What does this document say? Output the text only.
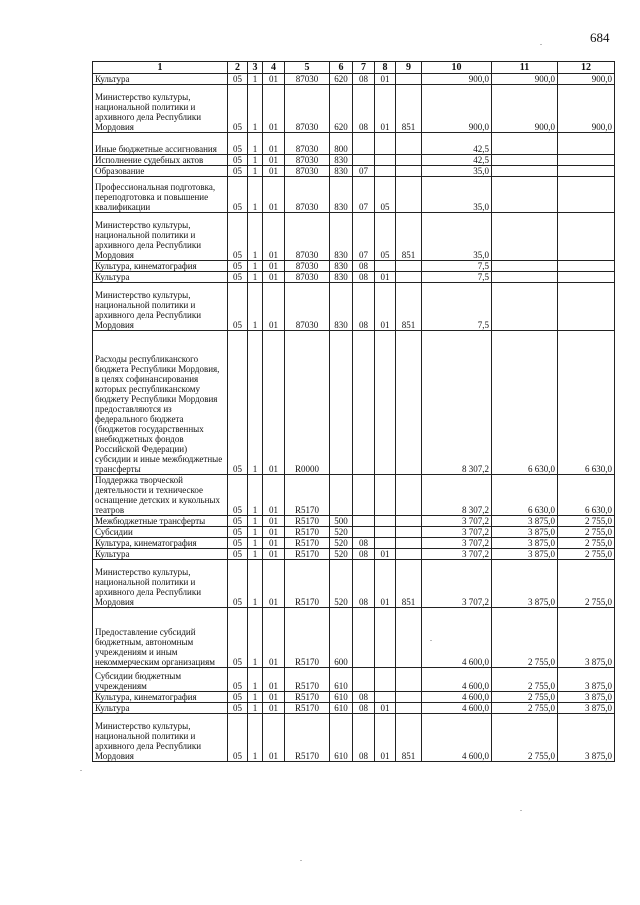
684
1	2	3	4	5	6	7	8	9	10	11	12
Культура	05	1	01	87030	620	08	01		900,0	900,0	900,0
Министерство культуры, национальной политики и архивного дела Республики Мордовия	05	1	01	87030	620	08	01	851	900,0	900,0	900,0
Иные бюджетные ассигнования	05	1	01	87030	800				42,5		
Исполнение судебных актов	05	1	01	87030	830				42,5		
Образование	05	1	01	87030	830	07			35,0		
Профессиональная подготовка, переподготовка и повышение квалификации	05	1	01	87030	830	07	05		35,0		
Министерство культуры, национальной политики и архивного дела Республики Мордовия	05	1	01	87030	830	07	05	851	35,0		
Культура, кинематография	05	1	01	87030	830	08			7,5		
Культура	05	1	01	87030	830	08	01		7,5		
Министерство культуры, национальной политики и архивного дела Республики Мордовия	05	1	01	87030	830	08	01	851	7,5		
Расходы республиканского бюджета Республики Мордовия, в целях софинансирования которых республиканскому бюджету Республики Мордовия предоставляются из федерального бюджета (бюджетов государственных внебюджетных фондов Российской Федерации) субсидии и иные межбюджетные трансферты	05	1	01	R0000					8 307,2	6 630,0	6 630,0
Поддержка творческой деятельности и техническое оснащение детских и кукольных театров	05	1	01	R5170					8 307,2	6 630,0	6 630,0
Межбюджетные трансферты	05	1	01	R5170	500				3 707,2	3 875,0	2 755,0
Субсидии	05	1	01	R5170	520				3 707,2	3 875,0	2 755,0
Культура, кинематография	05	1	01	R5170	520	08			3 707,2	3 875,0	2 755,0
Культура	05	1	01	R5170	520	08	01		3 707,2	3 875,0	2 755,0
Министерство культуры, национальной политики и архивного дела Республики Мордовия	05	1	01	R5170	520	08	01	851	3 707,2	3 875,0	2 755,0
Предоставление субсидий бюджетным, автономным учреждениям и иным некоммерческим организациям	05	1	01	R5170	600				4 600,0	2 755,0	3 875,0
Субсидии бюджетным учреждениям	05	1	01	R5170	610				4 600,0	2 755,0	3 875,0
Культура, кинематография	05	1	01	R5170	610	08			4 600,0	2 755,0	3 875,0
Культура	05	1	01	R5170	610	08	01		4 600,0	2 755,0	3 875,0
Министерство культуры, национальной политики и архивного дела Республики Мордовия	05	1	01	R5170	610	08	01	851	4 600,0	2 755,0	3 875,0
